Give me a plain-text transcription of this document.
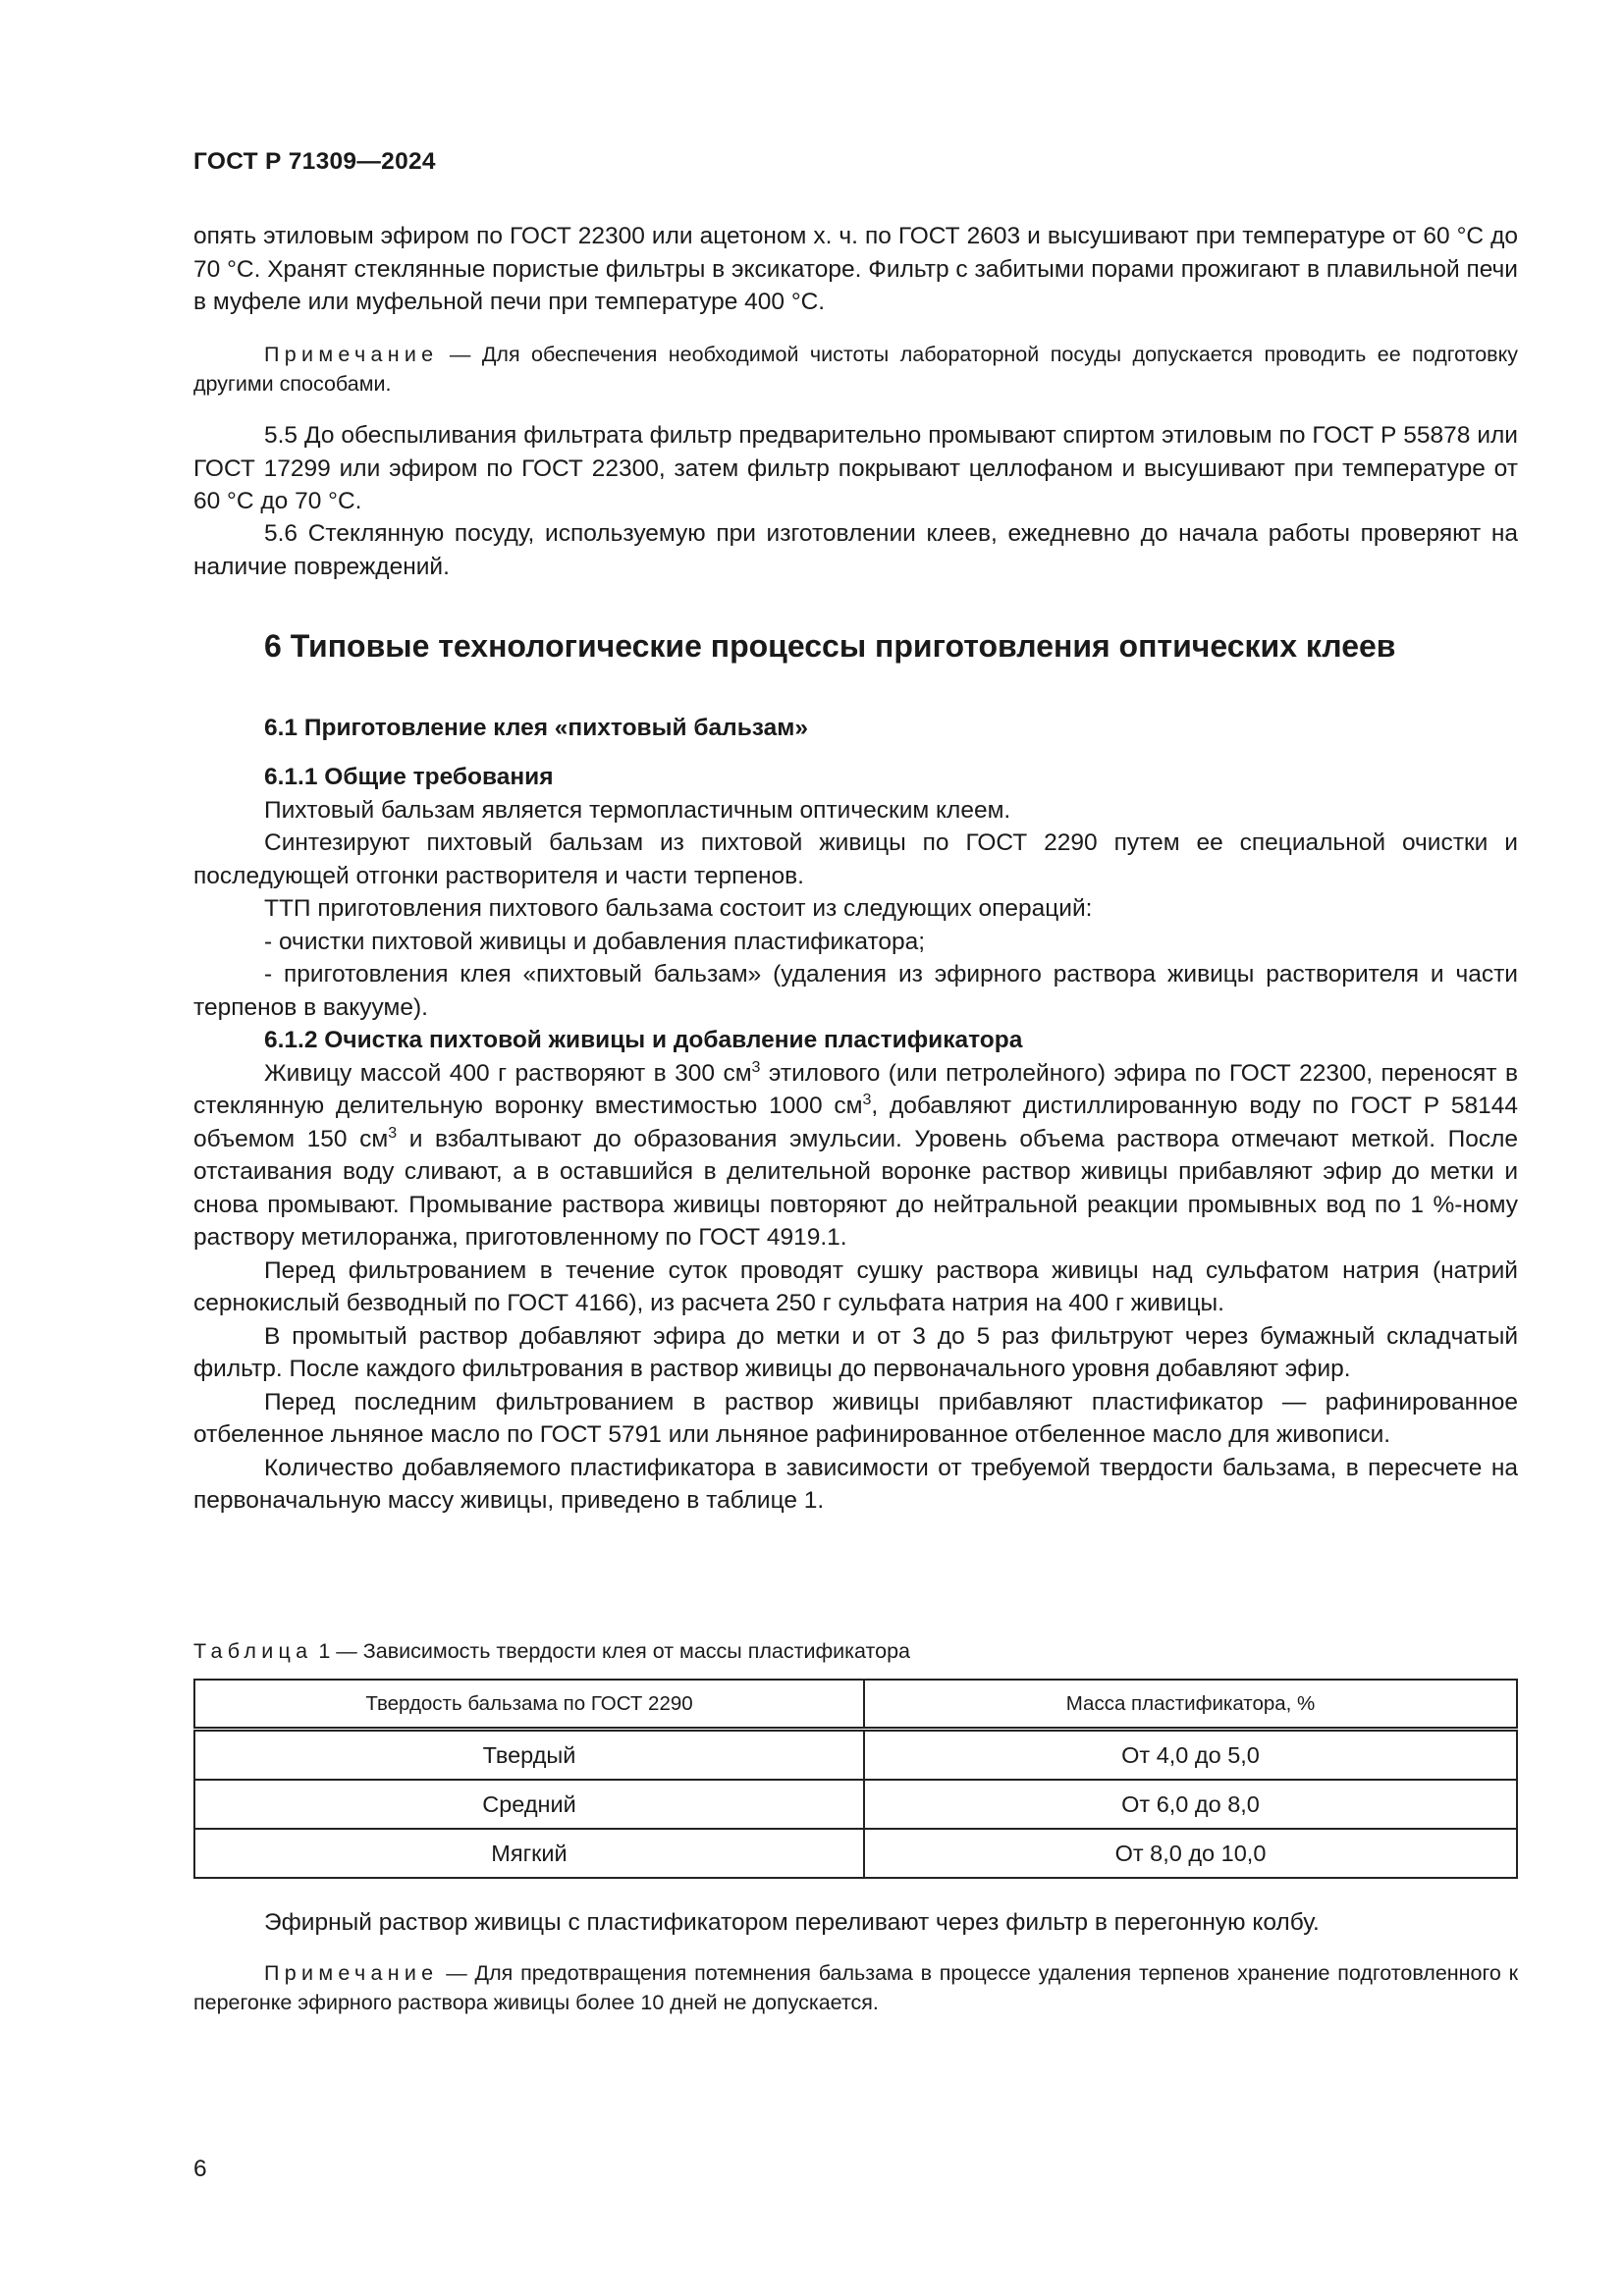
ГОСТ Р 71309—2024

опять этиловым эфиром по ГОСТ 22300 или ацетоном х. ч. по ГОСТ 2603 и высушивают при температуре от 60 °С до 70 °С. Хранят стеклянные пористые фильтры в эксикаторе. Фильтр с забитыми порами прожигают в плавильной печи в муфеле или муфельной печи при температуре 400 °С.

Примечание — Для обеспечения необходимой чистоты лабораторной посуды допускается проводить ее подготовку другими способами.

5.5 До обеспыливания фильтрата фильтр предварительно промывают спиртом этиловым по ГОСТ Р 55878 или ГОСТ 17299 или эфиром по ГОСТ 22300, затем фильтр покрывают целлофаном и высушивают при температуре от 60 °С до 70 °С.

5.6 Стеклянную посуду, используемую при изготовлении клеев, ежедневно до начала работы проверяют на наличие повреждений.

6 Типовые технологические процессы приготовления оптических клеев

6.1 Приготовление клея «пихтовый бальзам»

6.1.1 Общие требования

Пихтовый бальзам является термопластичным оптическим клеем.

Синтезируют пихтовый бальзам из пихтовой живицы по ГОСТ 2290 путем ее специальной очистки и последующей отгонки растворителя и части терпенов.

ТТП приготовления пихтового бальзама состоит из следующих операций:

- очистки пихтовой живицы и добавления пластификатора;

- приготовления клея «пихтовый бальзам» (удаления из эфирного раствора живицы растворителя и части терпенов в вакууме).

6.1.2 Очистка пихтовой живицы и добавление пластификатора

Живицу массой 400 г растворяют в 300 $см^3$ этилового (или петролейного) эфира по ГОСТ 22300, переносят в стеклянную делительную воронку вместимостью 1000 $см^3$, добавляют дистиллированную воду по ГОСТ Р 58144 объемом 150 $см^3$ и взбалтывают до образования эмульсии. Уровень объема раствора отмечают меткой. После отстаивания воду сливают, а в оставшийся в делительной воронке раствор живицы прибавляют эфир до метки и снова промывают. Промывание раствора живицы повторяют до нейтральной реакции промывных вод по 1 %-ному раствору метилоранжа, приготовленному по ГОСТ 4919.1.

Перед фильтрованием в течение суток проводят сушку раствора живицы над сульфатом натрия (натрий сернокислый безводный по ГОСТ 4166), из расчета 250 г сульфата натрия на 400 г живицы.

В промытый раствор добавляют эфира до метки и от 3 до 5 раз фильтруют через бумажный складчатый фильтр. После каждого фильтрования в раствор живицы до первоначального уровня добавляют эфир.

Перед последним фильтрованием в раствор живицы прибавляют пластификатор — рафинированное отбеленное льняное масло по ГОСТ 5791 или льняное рафинированное отбеленное масло для живописи.

Количество добавляемого пластификатора в зависимости от требуемой твердости бальзама, в пересчете на первоначальную массу живицы, приведено в таблице 1.

Таблица 1 — Зависимость твердости клея от массы пластификатора
Твердость бальзама по ГОСТ 2290	Масса пластификатора, %
Твердый	От 4,0 до 5,0
Средний	От 6,0 до 8,0
Мягкий	От 8,0 до 10,0

Эфирный раствор живицы с пластификатором переливают через фильтр в перегонную колбу.

Примечание — Для предотвращения потемнения бальзама в процессе удаления терпенов хранение подготовленного к перегонке эфирного раствора живицы более 10 дней не допускается.

6
